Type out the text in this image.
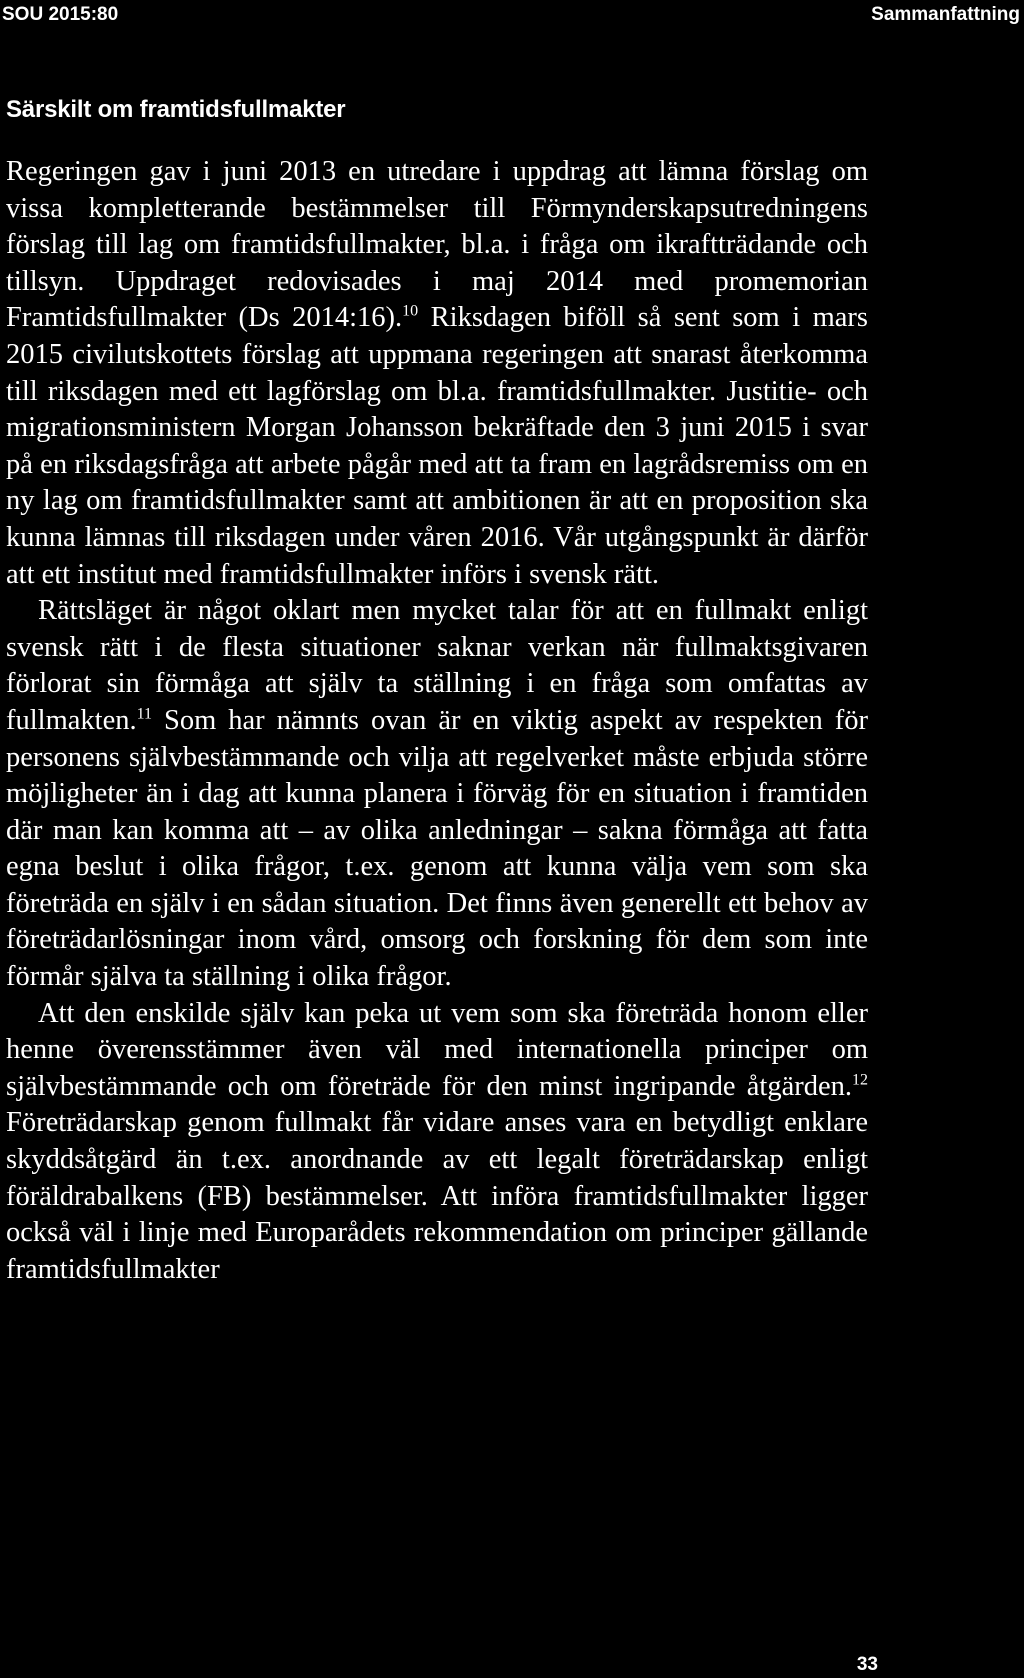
SOU 2015:80	Sammanfattning
Särskilt om framtidsfullmakter

Regeringen gav i juni 2013 en utredare i uppdrag att lämna förslag om vissa kompletterande bestämmelser till Förmynderskapsutredningens förslag till lag om framtidsfullmakter, bl.a. i fråga om ikraftträdande och tillsyn. Uppdraget redovisades i maj 2014 med promemorian Framtidsfullmakter (Ds 2014:16).$^{10}$ Riksdagen biföll så sent som i mars 2015 civilutskottets förslag att uppmana regeringen att snarast återkomma till riksdagen med ett lagförslag om bl.a. framtidsfullmakter. Justitie- och migrationsministern Morgan Johansson bekräftade den 3 juni 2015 i svar på en riksdagsfråga att arbete pågår med att ta fram en lagrådsremiss om en ny lag om framtidsfullmakter samt att ambitionen är att en proposition ska kunna lämnas till riksdagen under våren 2016. Vår utgångspunkt är därför att ett institut med framtidsfullmakter införs i svensk rätt.

Rättsläget är något oklart men mycket talar för att en fullmakt enligt svensk rätt i de flesta situationer saknar verkan när fullmaktsgivaren förlorat sin förmåga att själv ta ställning i en fråga som omfattas av fullmakten.$^{11}$ Som har nämnts ovan är en viktig aspekt av respekten för personens självbestämmande och vilja att regelverket måste erbjuda större möjligheter än i dag att kunna planera i förväg för en situation i framtiden där man kan komma att – av olika anledningar – sakna förmåga att fatta egna beslut i olika frågor, t.ex. genom att kunna välja vem som ska företräda en själv i en sådan situation. Det finns även generellt ett behov av företrädarlösningar inom vård, omsorg och forskning för dem som inte förmår själva ta ställning i olika frågor.

Att den enskilde själv kan peka ut vem som ska företräda honom eller henne överensstämmer även väl med internationella principer om självbestämmande och om företräde för den minst ingripande åtgärden.$^{12}$ Företrädarskap genom fullmakt får vidare anses vara en betydligt enklare skyddsåtgärd än t.ex. anordnande av ett legalt företrädarskap enligt föräldrabalkens (FB) bestämmelser. Att införa framtidsfullmakter ligger också väl i linje med Europarådets rekommendation om principer gällande framtidsfullmakter

33
